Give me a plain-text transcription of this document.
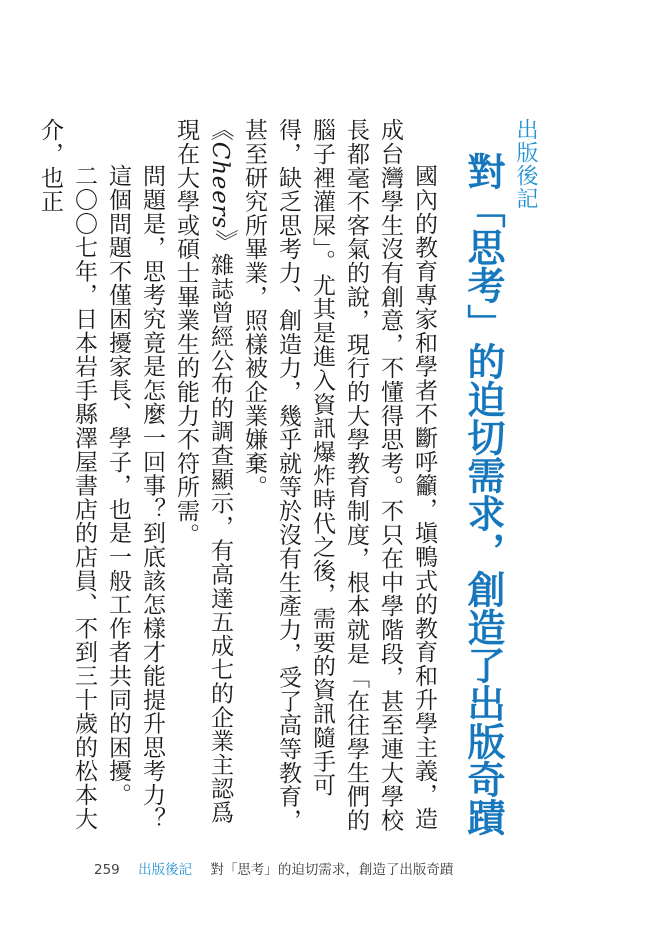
出版後記
對「思考」的迫切需求，創造了出版奇蹟

國內的教育專家和學者不斷呼籲，塡鴨式的教育和升學主義，造成台灣學生沒有創意，不懂得思考。不只在中學階段，甚至連大學校長都毫不客氣的說，現行的大學教育制度，根本就是「在往學生們的腦子裡灌屎」。尤其是進入資訊爆炸時代之後，需要的資訊隨手可得，缺乏思考力、創造力，幾乎就等於沒有生產力，受了高等教育，甚至研究所畢業，照樣被企業嫌棄。

《Cheers》雜誌曾經公布的調查顯示，有高達五成七的企業主認爲現在大學或碩士畢業生的能力不符所需。

問題是，思考究竟是怎麼一回事？到底該怎樣才能提升思考力？

這個問題不僅困擾家長、學子，也是一般工作者共同的困擾。

二〇〇七年，日本岩手縣澤屋書店的店員、不到三十歲的松本大介，也正

259 出版後記 對「思考」的迫切需求，創造了出版奇蹟
